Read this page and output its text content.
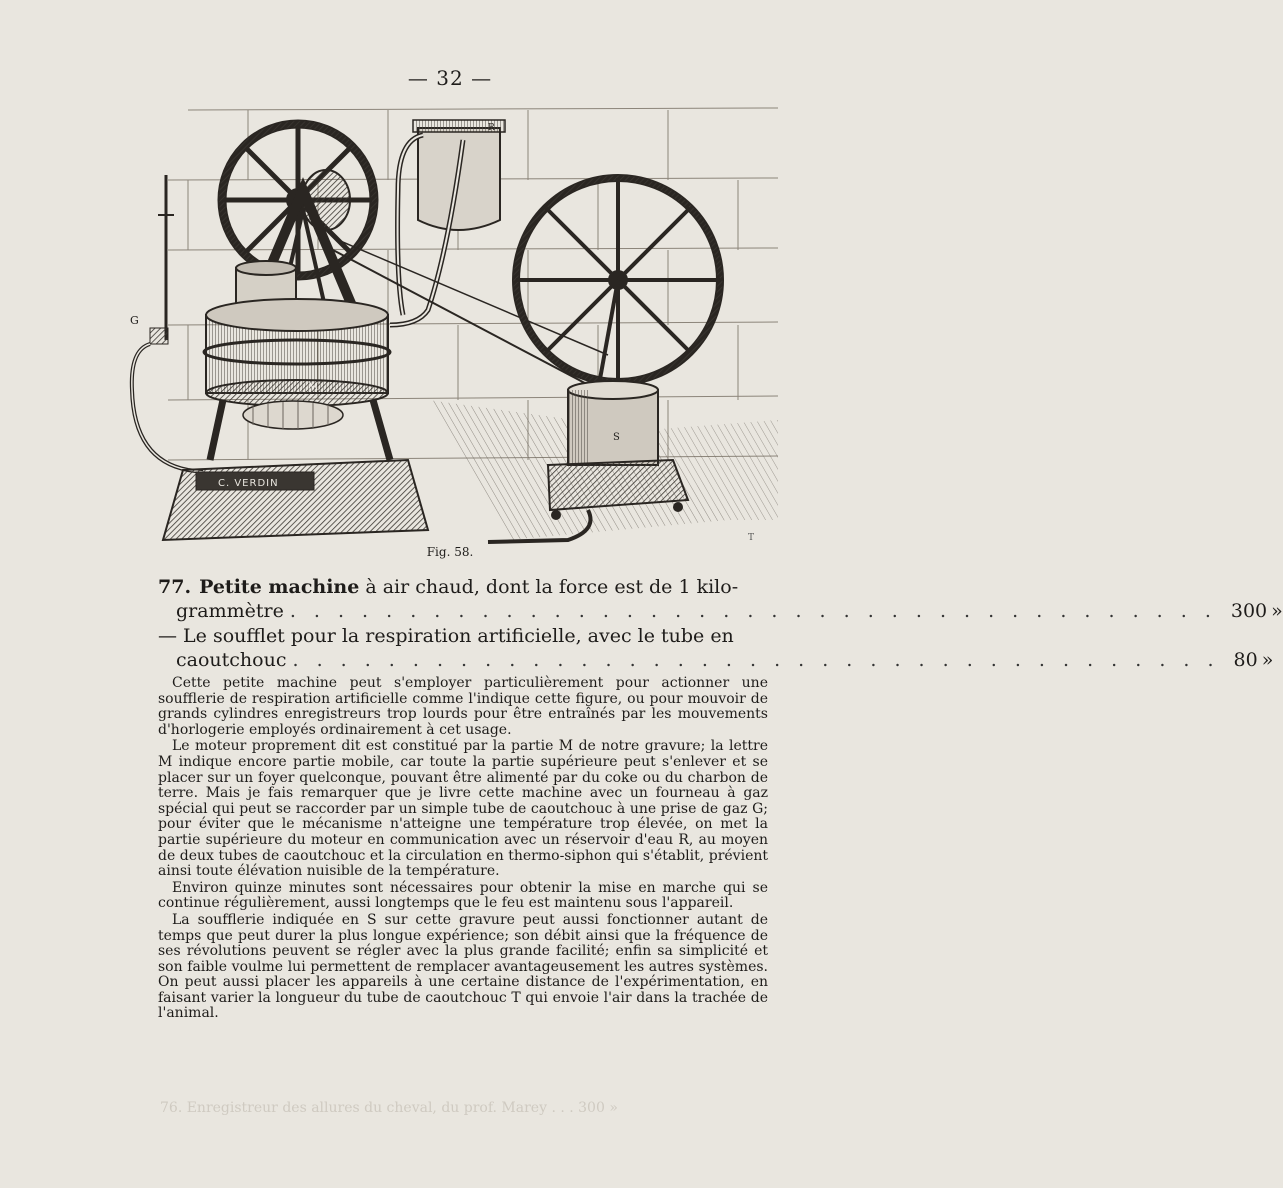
— 32 —
R
G
M
C. VERDIN
S
T
Fig. 58.
77. Petite machine à air chaud, dont la force est de 1 kilo-
grammètre . . . . . . . . . . . . . . . . . . . . . . . . . . . . . . . . . . . . . . . 300 »
— Le soufflet pour la respiration artificielle, avec le tube en
caoutchouc . . . . . . . . . . . . . . . . . . . . . . . . . . . . . . . . . . . . . . . 80 »

Cette petite machine peut s'employer particulièrement pour actionner une soufflerie de respiration artificielle comme l'indique cette figure, ou pour mouvoir de grands cylindres enregistreurs trop lourds pour être entraînés par les mouvements d'horlogerie employés ordinairement à cet usage.

Le moteur proprement dit est constitué par la partie M de notre gravure; la lettre M indique encore partie mobile, car toute la partie supérieure peut s'enlever et se placer sur un foyer quelconque, pouvant être alimenté par du coke ou du charbon de terre. Mais je fais remarquer que je livre cette machine avec un fourneau à gaz spécial qui peut se raccorder par un simple tube de caoutchouc à une prise de gaz G; pour éviter que le mécanisme n'atteigne une température trop élevée, on met la partie supérieure du moteur en communication avec un réservoir d'eau R, au moyen de deux tubes de caoutchouc et la circulation en thermo-siphon qui s'établit, prévient ainsi toute élévation nuisible de la température.

Environ quinze minutes sont nécessaires pour obtenir la mise en marche qui se continue régulièrement, aussi longtemps que le feu est maintenu sous l'appareil.

La soufflerie indiquée en S sur cette gravure peut aussi fonctionner autant de temps que peut durer la plus longue expérience; son débit ainsi que la fréquence de ses révolutions peuvent se régler avec la plus grande facilité; enfin sa simplicité et son faible voulme lui permettent de remplacer avantageusement les autres systèmes. On peut aussi placer les appareils à une certaine distance de l'expérimentation, en faisant varier la longueur du tube de caoutchouc T qui envoie l'air dans la trachée de l'animal.

76. Enregistreur des allures du cheval, du prof. Marey . . . 300 »
